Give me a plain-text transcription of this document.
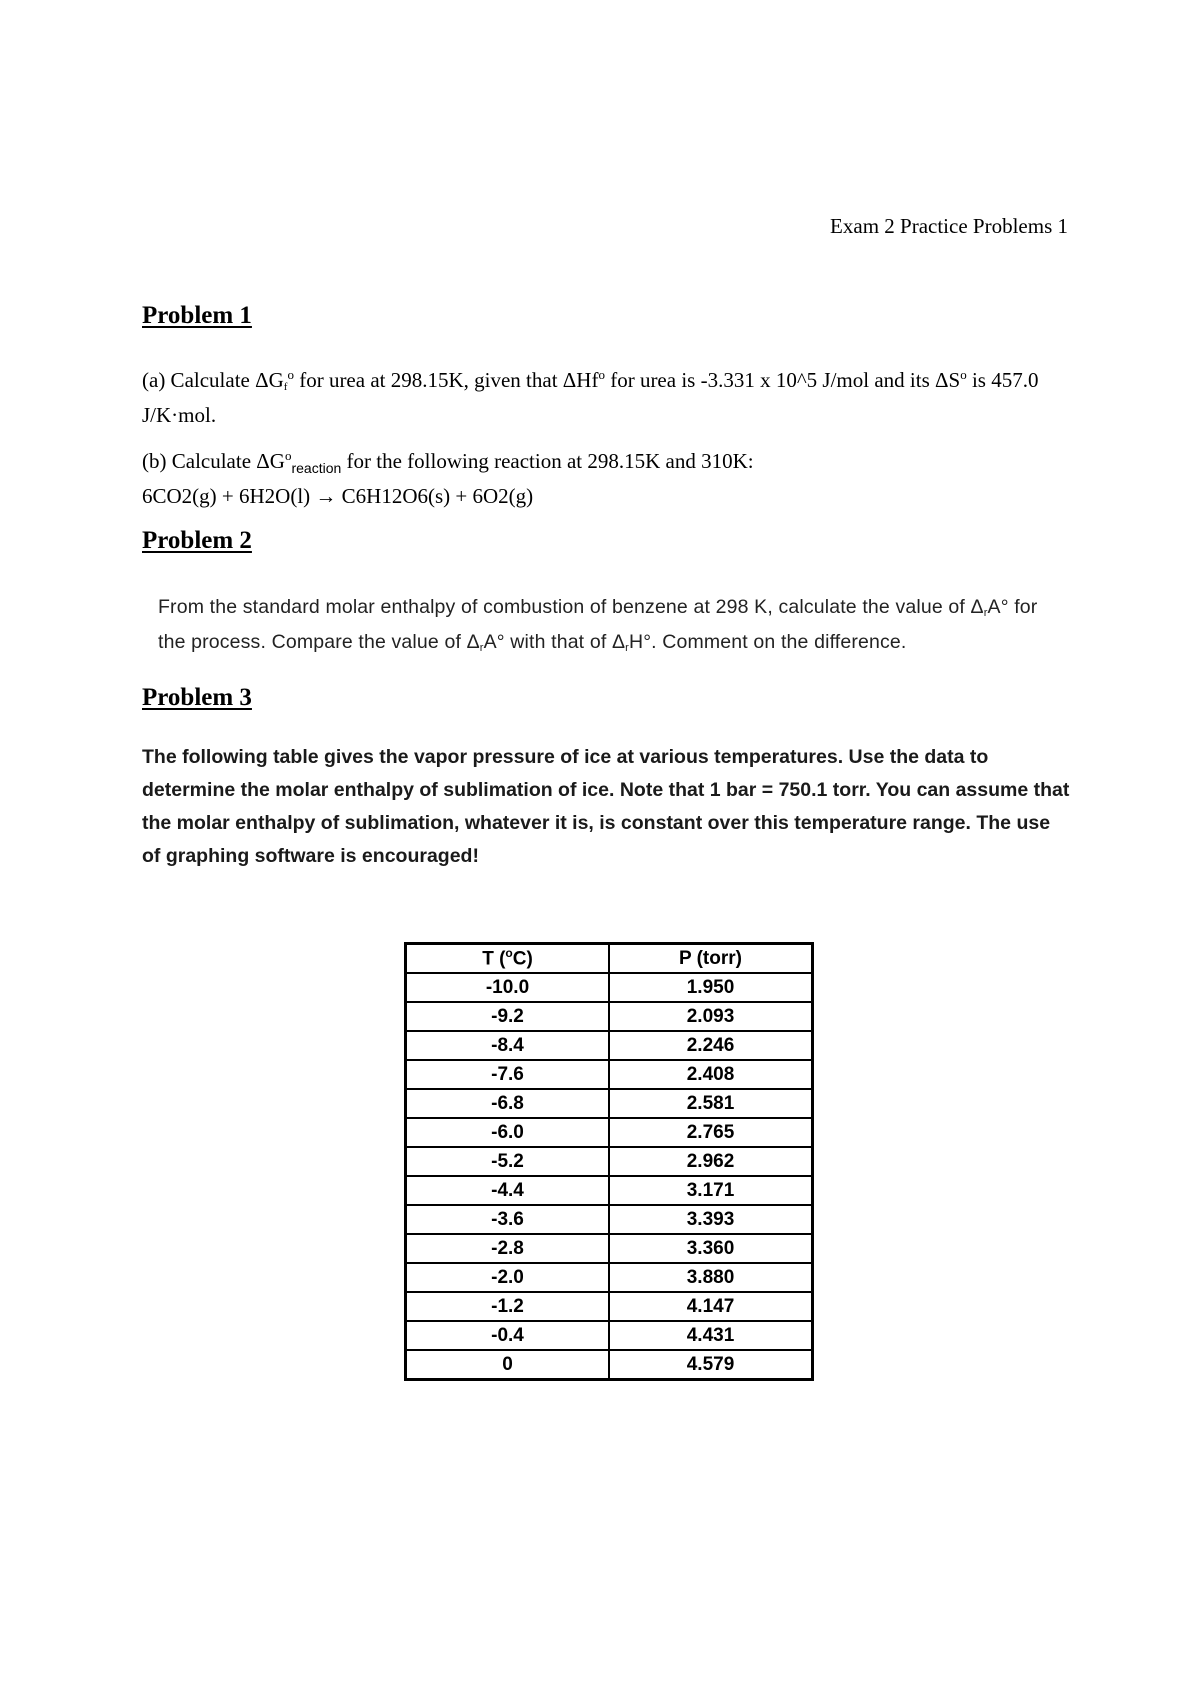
Exam 2 Practice Problems 1
Problem 1
(a) Calculate $\Delta G_f^o$ for urea at 298.15K, given that ΔHf$^o$ for urea is -3.331 x 10^5 J/mol and its $\Delta S^o$ is 457.0 J/K·mol.
(b) Calculate $\Delta G^o_{reaction}$ for the following reaction at 298.15K and 310K:
6CO2(g) + 6H2O(l) → C6H12O6(s) + 6O2(g)
Problem 2
From the standard molar enthalpy of combustion of benzene at 298 K, calculate the value of $\Delta_rA^\circ$ for the process. Compare the value of $\Delta_rA^\circ$ with that of $\Delta_rH^\circ$. Comment on the difference.
Problem 3
The following table gives the vapor pressure of ice at various temperatures. Use the data to determine the molar enthalpy of sublimation of ice. Note that 1 bar = 750.1 torr. You can assume that the molar enthalpy of sublimation, whatever it is, is constant over this temperature range. The use of graphing software is encouraged!
T ($^o$C)	P (torr)
-10.0	1.950
-9.2	2.093
-8.4	2.246
-7.6	2.408
-6.8	2.581
-6.0	2.765
-5.2	2.962
-4.4	3.171
-3.6	3.393
-2.8	3.360
-2.0	3.880
-1.2	4.147
-0.4	4.431
0	4.579
